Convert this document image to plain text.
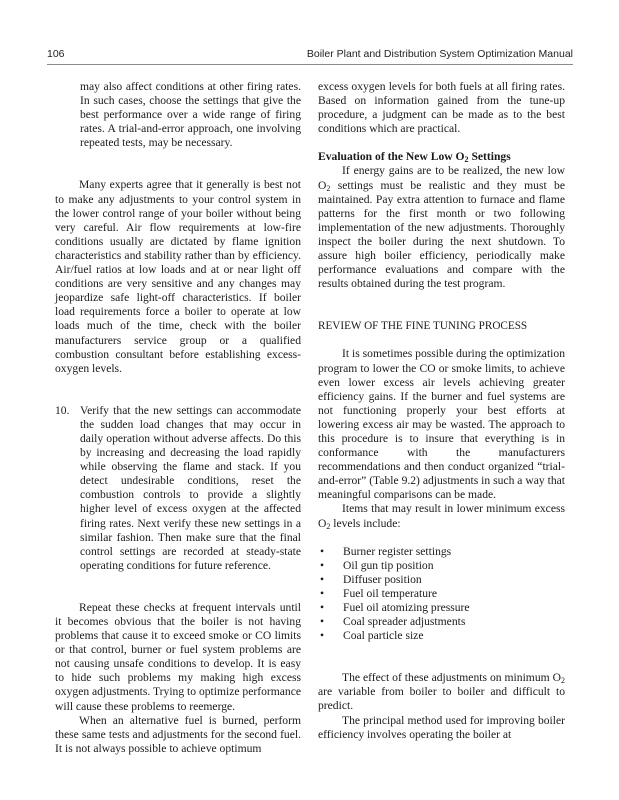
106	Boiler Plant and Distribution System Optimization Manual

may also affect conditions at other firing rates. In such cases, choose the settings that give the best performance over a wide range of firing rates. A trial-and-error approach, one involving repeated tests, may be necessary.

Many experts agree that it generally is best not to make any adjustments to your control system in the lower control range of your boiler without being very careful. Air flow requirements at low-fire conditions usually are dictated by flame ignition characteristics and stability rather than by efficiency. Air/fuel ratios at low loads and at or near light off conditions are very sensitive and any changes may jeopardize safe light-off characteristics. If boiler load requirements force a boiler to operate at low loads much of the time, check with the boiler manufacturers service group or a qualified combustion consultant before establishing excess-oxygen levels.

10. Verify that the new settings can accommodate the sudden load changes that may occur in daily operation without adverse affects. Do this by increasing and decreasing the load rapidly while observing the flame and stack. If you detect undesirable conditions, reset the combustion controls to provide a slightly higher level of excess oxygen at the affected firing rates. Next verify these new settings in a similar fashion. Then make sure that the final control settings are recorded at steady-state operating conditions for future reference.

Repeat these checks at frequent intervals until it becomes obvious that the boiler is not having problems that cause it to exceed smoke or CO limits or that control, burner or fuel system problems are not causing unsafe conditions to develop. It is easy to hide such problems my making high excess oxygen adjustments. Trying to optimize performance will cause these problems to reemerge.

When an alternative fuel is burned, perform these same tests and adjustments for the second fuel. It is not always possible to achieve optimum

excess oxygen levels for both fuels at all firing rates. Based on information gained from the tune-up procedure, a judgment can be made as to the best conditions which are practical.

Evaluation of the New Low $O_2$ Settings

If energy gains are to be realized, the new low $O_2$ settings must be realistic and they must be maintained. Pay extra attention to furnace and flame patterns for the first month or two following implementation of the new adjustments. Thoroughly inspect the boiler during the next shutdown. To assure high boiler efficiency, periodically make performance evaluations and compare with the results obtained during the test program.

REVIEW OF THE FINE TUNING PROCESS

It is sometimes possible during the optimization program to lower the CO or smoke limits, to achieve even lower excess air levels achieving greater efficiency gains. If the burner and fuel systems are not functioning properly your best efforts at lowering excess air may be wasted. The approach to this procedure is to insure that everything is in conformance with the manufacturers recommendations and then conduct organized “trial-and-error” (Table 9.2) adjustments in such a way that meaningful comparisons can be made.

Items that may result in lower minimum excess $O_2$ levels include:

• Burner register settings
• Oil gun tip position
• Diffuser position
• Fuel oil temperature
• Fuel oil atomizing pressure
• Coal spreader adjustments
• Coal particle size

The effect of these adjustments on minimum $O_2$ are variable from boiler to boiler and difficult to predict.

The principal method used for improving boiler efficiency involves operating the boiler at
